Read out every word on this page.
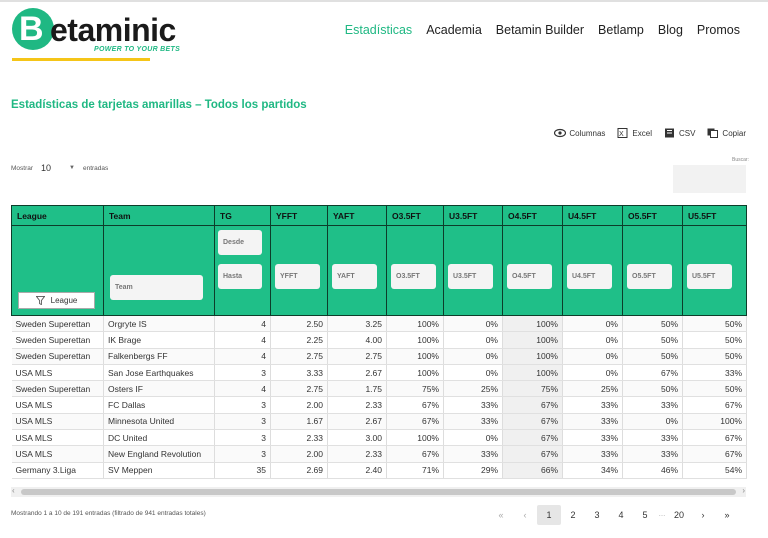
B etaminic
POWER TO YOUR BETS
Estadísticas Academia Betamin Builder Betlamp Blog Promos
Estadísticas de tarjetas amarillas – Todos los partidos
Columnas X Excel	CSV	Copiar
Mostrar 10	▼ entradas
Buscar:
League	Team	TG	YFFT	YAFT	O3.5FT	U3.5FT	O4.5FT	U4.5FT	O5.5FT	U5.5FT

League	Team	Desde
Hasta	YFFT	YAFT	O3.5FT	U3.5FT	O4.5FT	U4.5FT	O5.5FT	U5.5FT

Sweden Superettan	Orgryte IS	4	2.50	3.25	100%	0%	100%	0%	50%	50%
Sweden Superettan	IK Brage	4	2.25	4.00	100%	0%	100%	0%	50%	50%
Sweden Superettan	Falkenbergs FF	4	2.75	2.75	100%	0%	100%	0%	50%	50%
USA MLS	San Jose Earthquakes	3	3.33	2.67	100%	0%	100%	0%	67%	33%
Sweden Superettan	Osters IF	4	2.75	1.75	75%	25%	75%	25%	50%	50%
USA MLS	FC Dallas	3	2.00	2.33	67%	33%	67%	33%	33%	67%
USA MLS	Minnesota United	3	1.67	2.67	67%	33%	67%	33%	0%	100%
USA MLS	DC United	3	2.33	3.00	100%	0%	67%	33%	33%	67%
USA MLS	New England Revolution	3	2.00	2.33	67%	33%	67%	33%	33%	67%
Germany 3.Liga	SV Meppen	35	2.69	2.40	71%	29%	66%	34%	46%	54%
‹	›
Mostrando 1 a 10 de 191 entradas (filtrado de 941 entradas totales)	«	‹	1	2	3	4	5	… 20	›	»
